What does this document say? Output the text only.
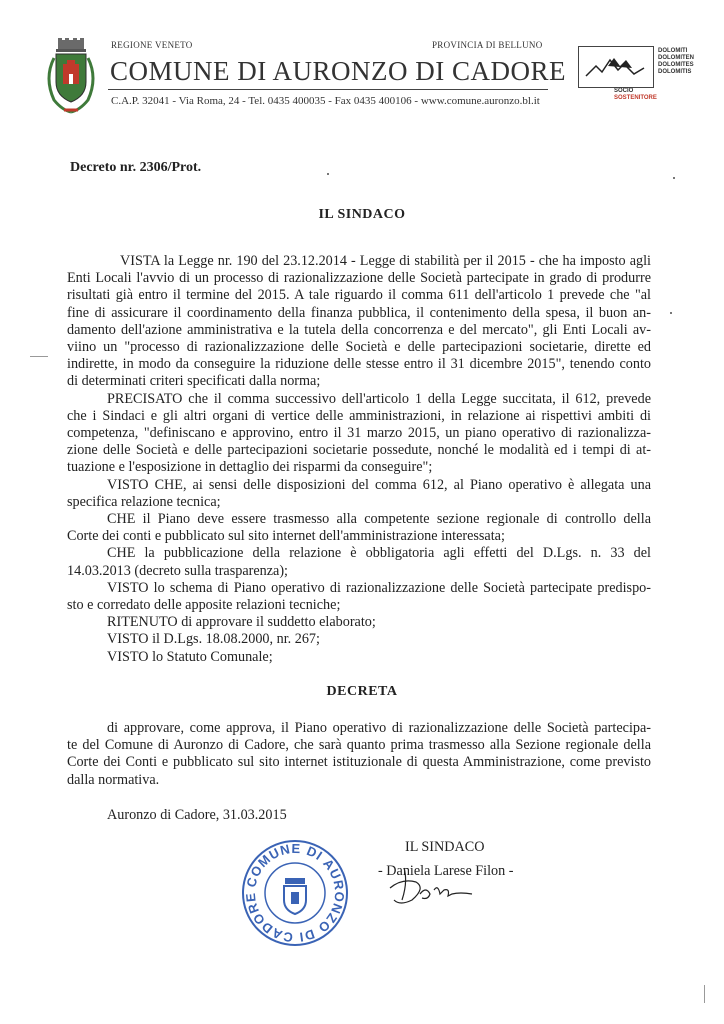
REGIONE VENETO	PROVINCIA DI BELLUNO
COMUNE DI AURONZO DI CADORE
C.A.P. 32041 - Via Roma, 24 - Tel. 0435 400035 - Fax 0435 400106 - www.comune.auronzo.bl.it
DOLOMITI
DOLOMITEN
DOLOMITES
DOLOMITIS
SOCIO
SOSTENITORE
Decreto nr. 2306/Prot.
IL SINDACO
VISTA la Legge nr. 190 del 23.12.2014 - Legge di stabilità per il 2015 - che ha imposto agli
Enti Locali l'avvio di un processo di razionalizzazione delle Società partecipate in grado di produrre
risultati già entro il termine del 2015. A tale riguardo il comma 611 dell'articolo 1 prevede che "al
fine di assicurare il coordinamento della finanza pubblica, il contenimento della spesa, il buon an-
damento dell'azione amministrativa e la tutela della concorrenza e del mercato", gli Enti Locali av-
viino un "processo di razionalizzazione delle Società e delle partecipazioni societarie, dirette ed
indirette, in modo da conseguire la riduzione delle stesse entro il 31 dicembre 2015", tenendo conto
di determinati criteri specificati dalla norma;
PRECISATO che il comma successivo dell'articolo 1 della Legge succitata, il 612, prevede
che i Sindaci e gli altri organi di vertice delle amministrazioni, in relazione ai rispettivi ambiti di
competenza, "definiscano e approvino, entro il 31 marzo 2015, un piano operativo di razionalizza-
zione delle Società e delle partecipazioni societarie possedute, nonché le modalità ed i tempi di at-
tuazione e l'esposizione in dettaglio dei risparmi da conseguire";
VISTO CHE, ai sensi delle disposizioni del comma 612, al Piano operativo è allegata una
specifica relazione tecnica;
CHE il Piano deve essere trasmesso alla competente sezione regionale di controllo della
Corte dei conti e pubblicato sul sito internet dell'amministrazione interessata;
CHE la pubblicazione della relazione è obbligatoria agli effetti del D.Lgs. n. 33 del
14.03.2013 (decreto sulla trasparenza);
VISTO lo schema di Piano operativo di razionalizzazione delle Società partecipate predispo-
sto e corredato delle apposite relazioni tecniche;
RITENUTO di approvare il suddetto elaborato;
VISTO il D.Lgs. 18.08.2000, nr. 267;
VISTO lo Statuto Comunale;
DECRETA
di approvare, come approva, il Piano operativo di razionalizzazione delle Società partecipa-
te del Comune di Auronzo di Cadore, che sarà quanto prima trasmesso alla Sezione regionale della
Corte dei Conti e pubblicato sul sito internet istituzionale di questa Amministrazione, come previsto
dalla normativa.
Auronzo di Cadore, 31.03.2015
COMUNE DI AURONZO DI CADORE
IL SINDACO
- Daniela Larese Filon -
